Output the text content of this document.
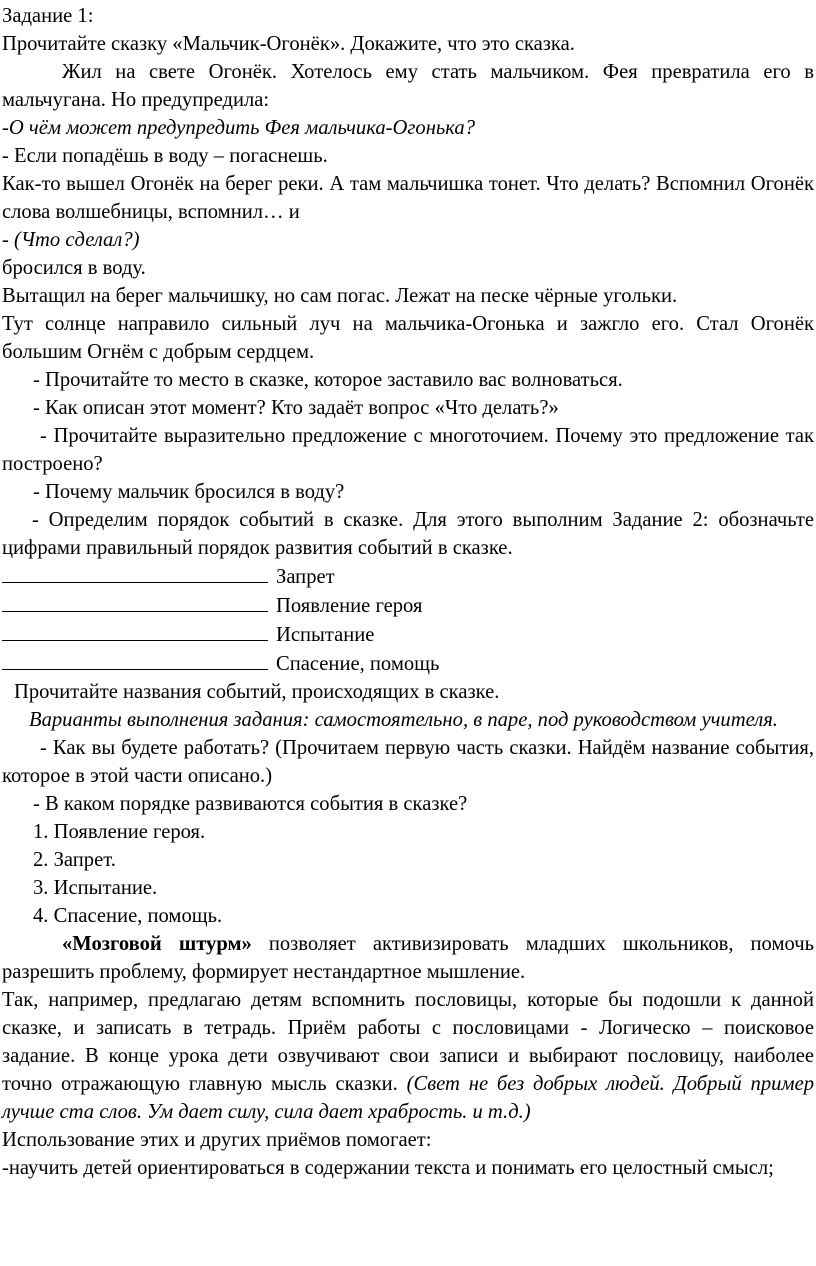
Задание 1:

Прочитайте сказку «Мальчик-Огонёк». Докажите, что это сказка.

Жил на свете Огонёк. Хотелось ему стать мальчиком. Фея превратила его в мальчугана. Но предупредила:

-О чём может предупредить Фея мальчика-Огонька?

- Если попадёшь в воду – погаснешь.

Как-то вышел Огонёк на берег реки. А там мальчишка тонет. Что делать? Вспомнил Огонёк слова волшебницы, вспомнил… и

- (Что сделал?)

бросился в воду.

Вытащил на берег мальчишку, но сам погас. Лежат на песке чёрные угольки.

Тут солнце направило сильный луч на мальчика-Огонька и зажгло его. Стал Огонёк большим Огнём с добрым сердцем.

- Прочитайте то место в сказке, которое заставило вас волноваться.

- Как описан этот момент? Кто задаёт вопрос «Что делать?»

- Прочитайте выразительно предложение с многоточием. Почему это предложение так построено?

- Почему мальчик бросился в воду?

- Определим порядок событий в сказке. Для этого выполним Задание 2: обозначьте цифрами правильный порядок развития событий в сказке.

Запрет

Появление героя

Испытание

Спасение, помощь

Прочитайте названия событий, происходящих в сказке.

Варианты выполнения задания: самостоятельно, в паре, под руководством учителя.

- Как вы будете работать? (Прочитаем первую часть сказки. Найдём название события, которое в этой части описано.)

- В каком порядке развиваются события в сказке?

1. Появление героя.

2. Запрет.

3. Испытание.

4. Спасение, помощь.

«Мозговой штурм» позволяет активизировать младших школьников, помочь разрешить проблему, формирует нестандартное мышление.

Так, например, предлагаю детям вспомнить пословицы, которые бы подошли к данной сказке, и записать в тетрадь. Приём работы с пословицами - Логическо – поисковое задание. В конце урока дети озвучивают свои записи и выбирают пословицу, наиболее точно отражающую главную мысль сказки. (Свет не без добрых людей. Добрый пример лучше ста слов. Ум дает силу, сила дает храбрость. и т.д.)

Использование этих и других приёмов помогает:

-научить детей ориентироваться в содержании текста и понимать его целостный смысл;
